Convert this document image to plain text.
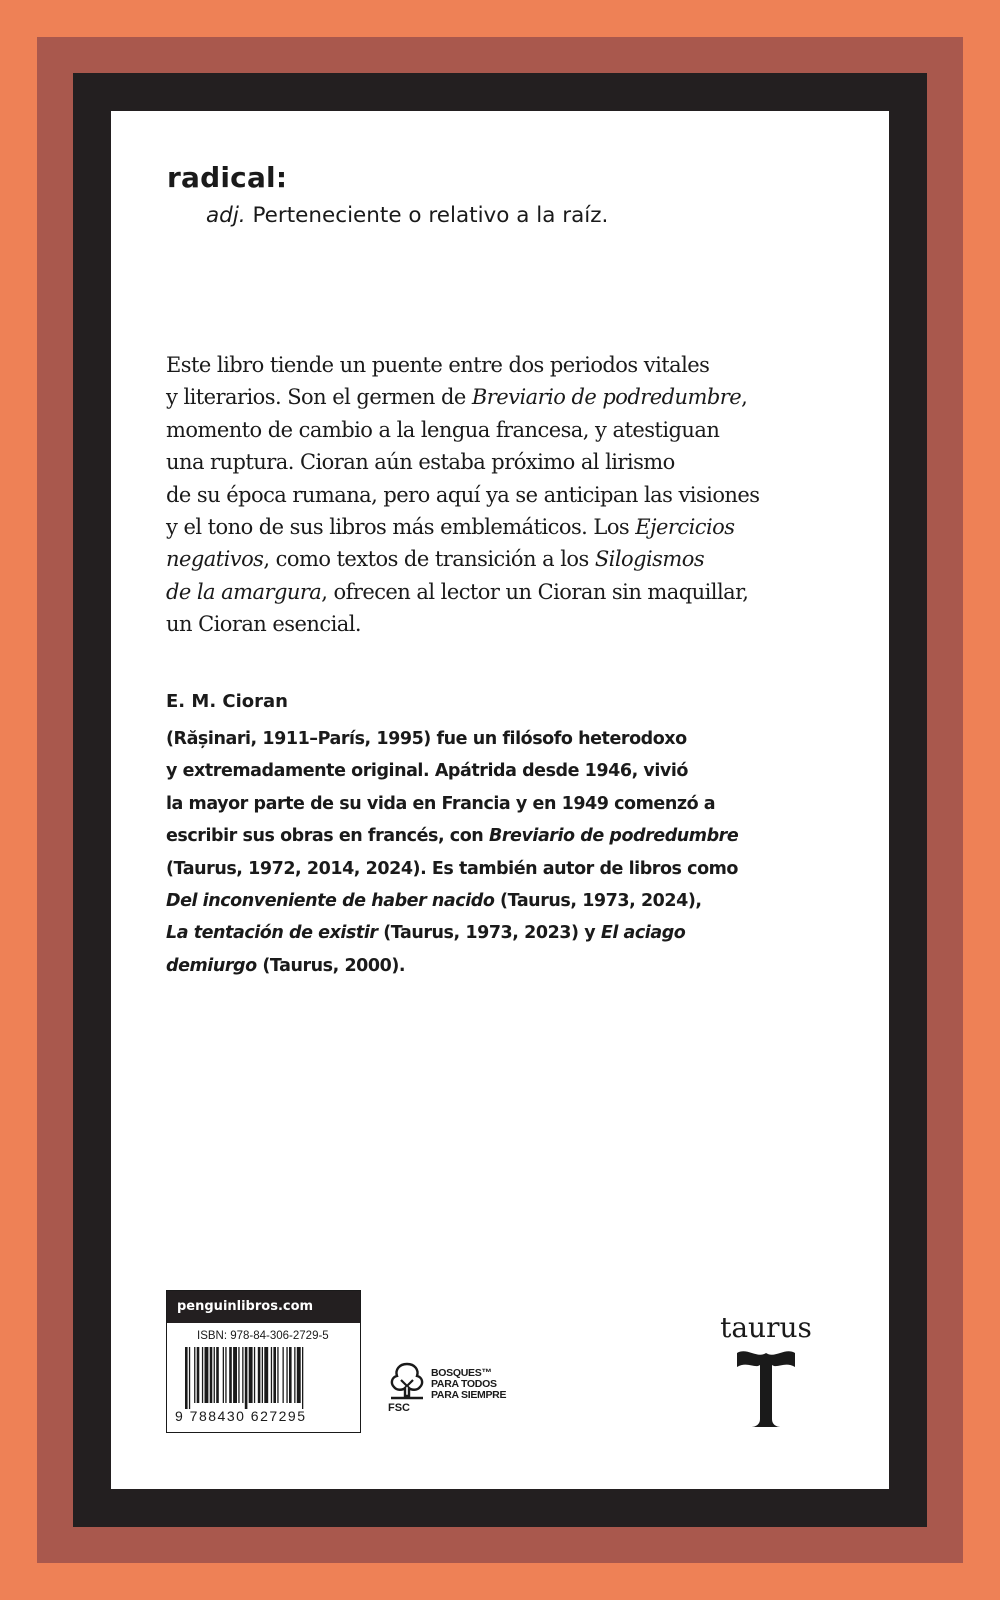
radical:
adj. Perteneciente o relativo a la raíz.
Este libro tiende un puente entre dos periodos vitales
y literarios. Son el germen de Breviario de podredumbre,
momento de cambio a la lengua francesa, y atestiguan
una ruptura. Cioran aún estaba próximo al lirismo
de su época rumana, pero aquí ya se anticipan las visiones
y el tono de sus libros más emblemáticos. Los Ejercicios
negativos, como textos de transición a los Silogismos
de la amargura, ofrecen al lector un Cioran sin maquillar,
un Cioran esencial.
E. M. Cioran
(Rășinari, 1911–París, 1995) fue un filósofo heterodoxo
y extremadamente original. Apátrida desde 1946, vivió
la mayor parte de su vida en Francia y en 1949 comenzó a
escribir sus obras en francés, con Breviario de podredumbre
(Taurus, 1972, 2014, 2024). Es también autor de libros como
Del inconveniente de haber nacido (Taurus, 1973, 2024),
La tentación de existir (Taurus, 1973, 2023) y El aciago
demiurgo (Taurus, 2000).
penguinlibros.com
ISBN: 978-84-306-2729-5
9 788430 627295	FSC
BOSQUES™
PARA TODOS
PARA SIEMPRE
taurus
